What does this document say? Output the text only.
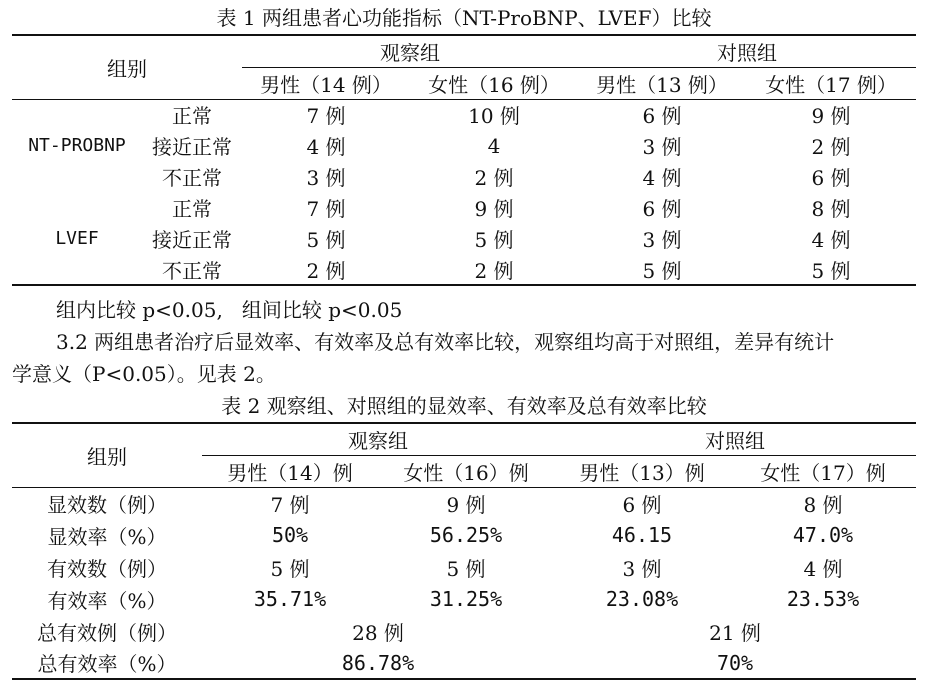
表 1 两组患者心功能指标（NT-ProBNP、LVEF）比较
组别		观察组		对照组	
		男性（14 例）	女性（16 例）	男性（13 例）	女性（17 例）
NT-PROBNP	正常	7 例	10 例	6 例	9 例
	接近正常	4 例	4	3 例	2 例
	不正常	3 例	2 例	4 例	6 例
LVEF	正常	7 例	9 例	6 例	8 例
	接近正常	5 例	5 例	3 例	4 例
	不正常	2 例	2 例	5 例	5 例
组内比较 p<0.05,   组间比较 p<0.05
3.2 两组患者治疗后显效率、有效率及总有效率比较，观察组均高于对照组，差异有统计
学意义（P<0.05）。见表 2。
表 2 观察组、对照组的显效率、有效率及总有效率比较
组别	观察组		对照组	
	男性（14）例	女性（16）例	男性（13）例	女性（17）例
显效数（例）	7 例	9 例	6 例	8 例
显效率（%）	50%	56.25%	46.15	47.0%
有效数（例）	5 例	5 例	3 例	4 例
有效率（%）	35.71%	31.25%	23.08%	23.53%
总有效例（例）	28 例		21 例	
总有效率（%）	86.78%		70%	
